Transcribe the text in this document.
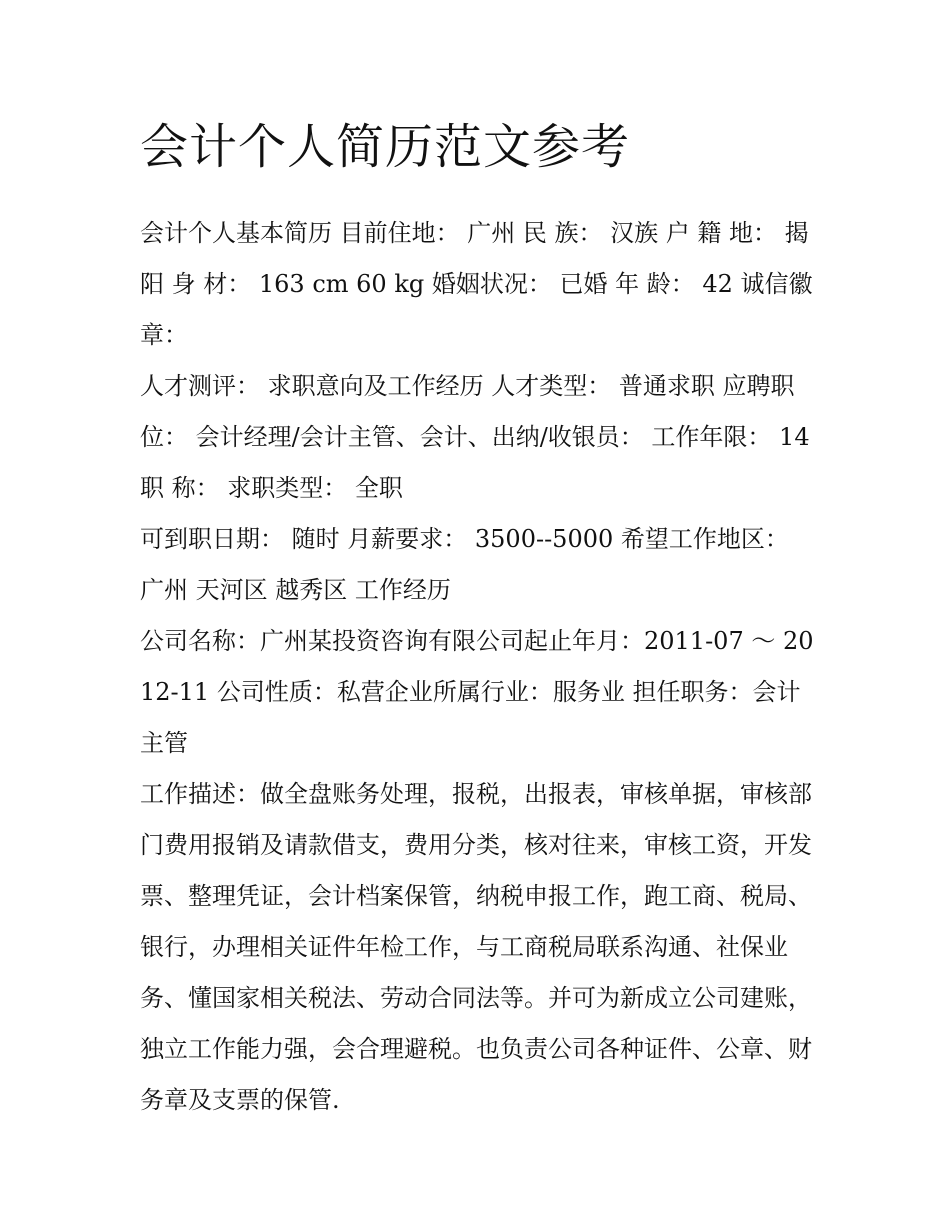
会计个人简历范文参考

会计个人基本简历 目前住地： 广州 民 族： 汉族 户 籍 地： 揭阳 身 材： 163 cm 60 kg 婚姻状况： 已婚 年 龄： 42 诚信徽章：

人才测评： 求职意向及工作经历 人才类型： 普通求职 应聘职位： 会计经理/会计主管、会计、出纳/收银员： 工作年限： 14 职 称： 求职类型： 全职

可到职日期： 随时 月薪要求： 3500--5000 希望工作地区： 广州 天河区 越秀区 工作经历

公司名称：广州某投资咨询有限公司起止年月：2011-07 ～ 2012-11 公司性质：私营企业所属行业：服务业 担任职务：会计主管

工作描述：做全盘账务处理，报税，出报表，审核单据，审核部门费用报销及请款借支，费用分类，核对往来，审核工资，开发票、整理凭证，会计档案保管，纳税申报工作，跑工商、税局、银行，办理相关证件年检工作，与工商税局联系沟通、社保业务、懂国家相关税法、劳动合同法等。并可为新成立公司建账，独立工作能力强，会合理避税。也负责公司各种证件、公章、财务章及支票的保管.
